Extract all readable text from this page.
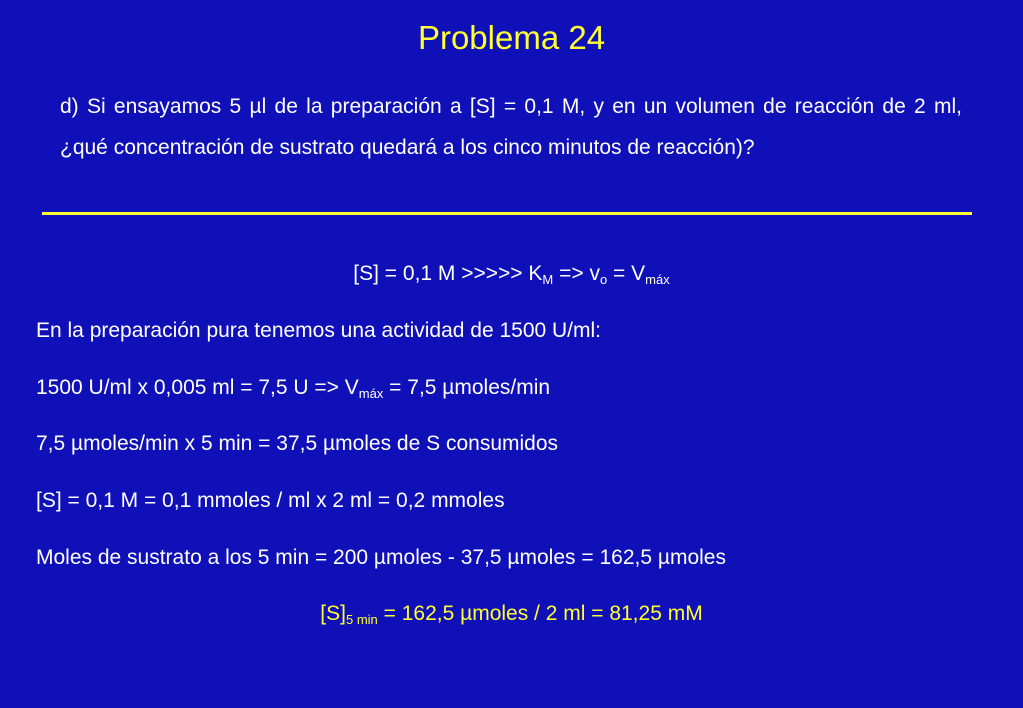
Problema 24
d) Si ensayamos 5 µl de la preparación a [S] = 0,1 M, y en un volumen de reacción de 2 ml, ¿qué concentración de sustrato quedará a los cinco minutos de reacción)?
[S] = 0,1 M >>>>> $K_M => v_o = V_{máx}$
En la preparación pura tenemos una actividad de 1500 U/ml:
1500 U/ml x 0,005 ml = 7,5 $U => V_{máx} = 7,5$ µmoles/min
7,5 µmoles/min x 5 min = 37,5 µmoles de S consumidos
[S] = 0,1 M = 0,1 mmoles / ml x 2 ml = 0,2 mmoles
Moles de sustrato a los 5 min = 200 µmoles - 37,5 µmoles = 162,5 µmoles
$[S]_{5 min} = 162,5$ µmoles / 2 ml = 81,25 mM
